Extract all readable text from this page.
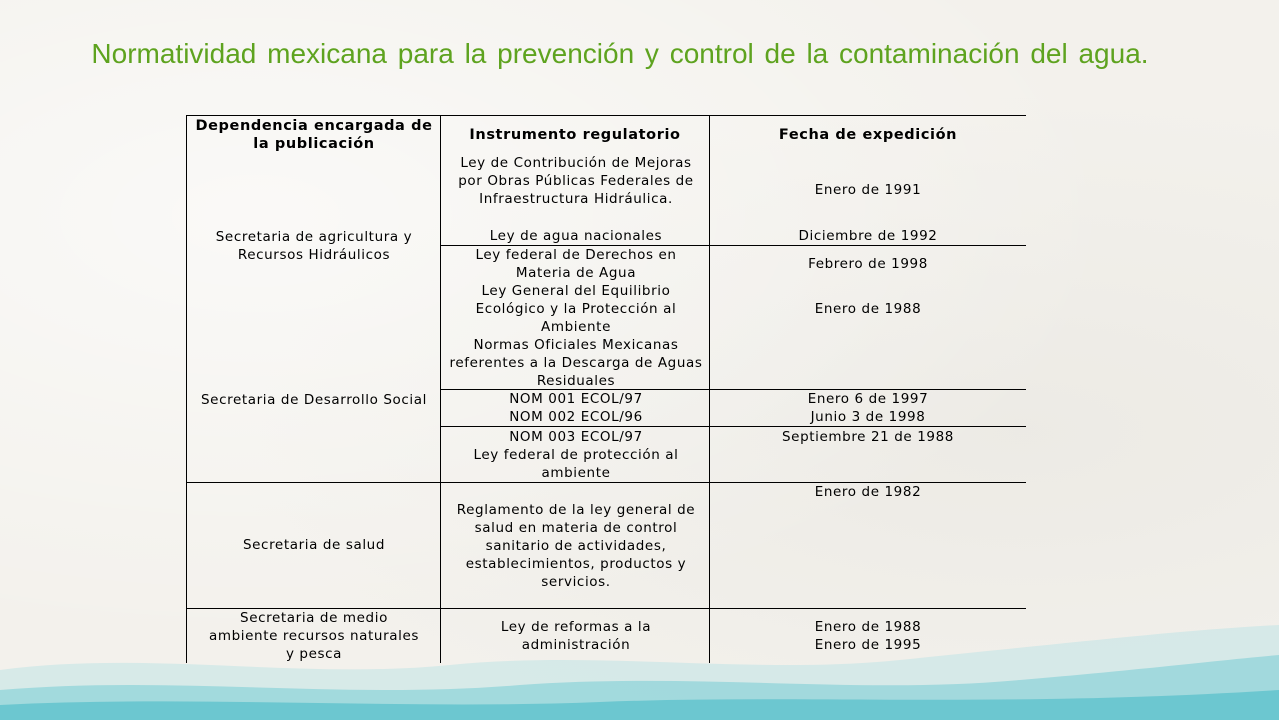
Normatividad mexicana para la prevención y control de la contaminación del agua.
Dependencia encargada de la publicación
Instrumento regulatorio	Fecha de expedición
Secretaria de agricultura y Recursos Hidráulicos
Secretaria de Desarrollo Social
Secretaria de salud
Secretaria de medio ambiente recursos naturales y pesca
Ley de Contribución de Mejoras por Obras Públicas Federales de Infraestructura Hidráulica.
Ley de agua nacionales
Ley federal de Derechos en Materia de Agua
Ley General del Equilibrio Ecológico y la Protección al Ambiente
Normas Oficiales Mexicanas referentes a la Descarga de Aguas Residuales
NOM 001 ECOL/97
NOM 002 ECOL/96
NOM 003 ECOL/97
Ley federal de protección al ambiente
Reglamento de la ley general de salud en materia de control sanitario de actividades, establecimientos, productos y servicios.
Ley de reformas a la administración
Enero de 1991
Diciembre de 1992
Febrero de 1998
Enero de 1988
Enero 6 de 1997
Junio 3 de 1998
Septiembre 21 de 1988
Enero de 1982
Enero de 1988
Enero de 1995
